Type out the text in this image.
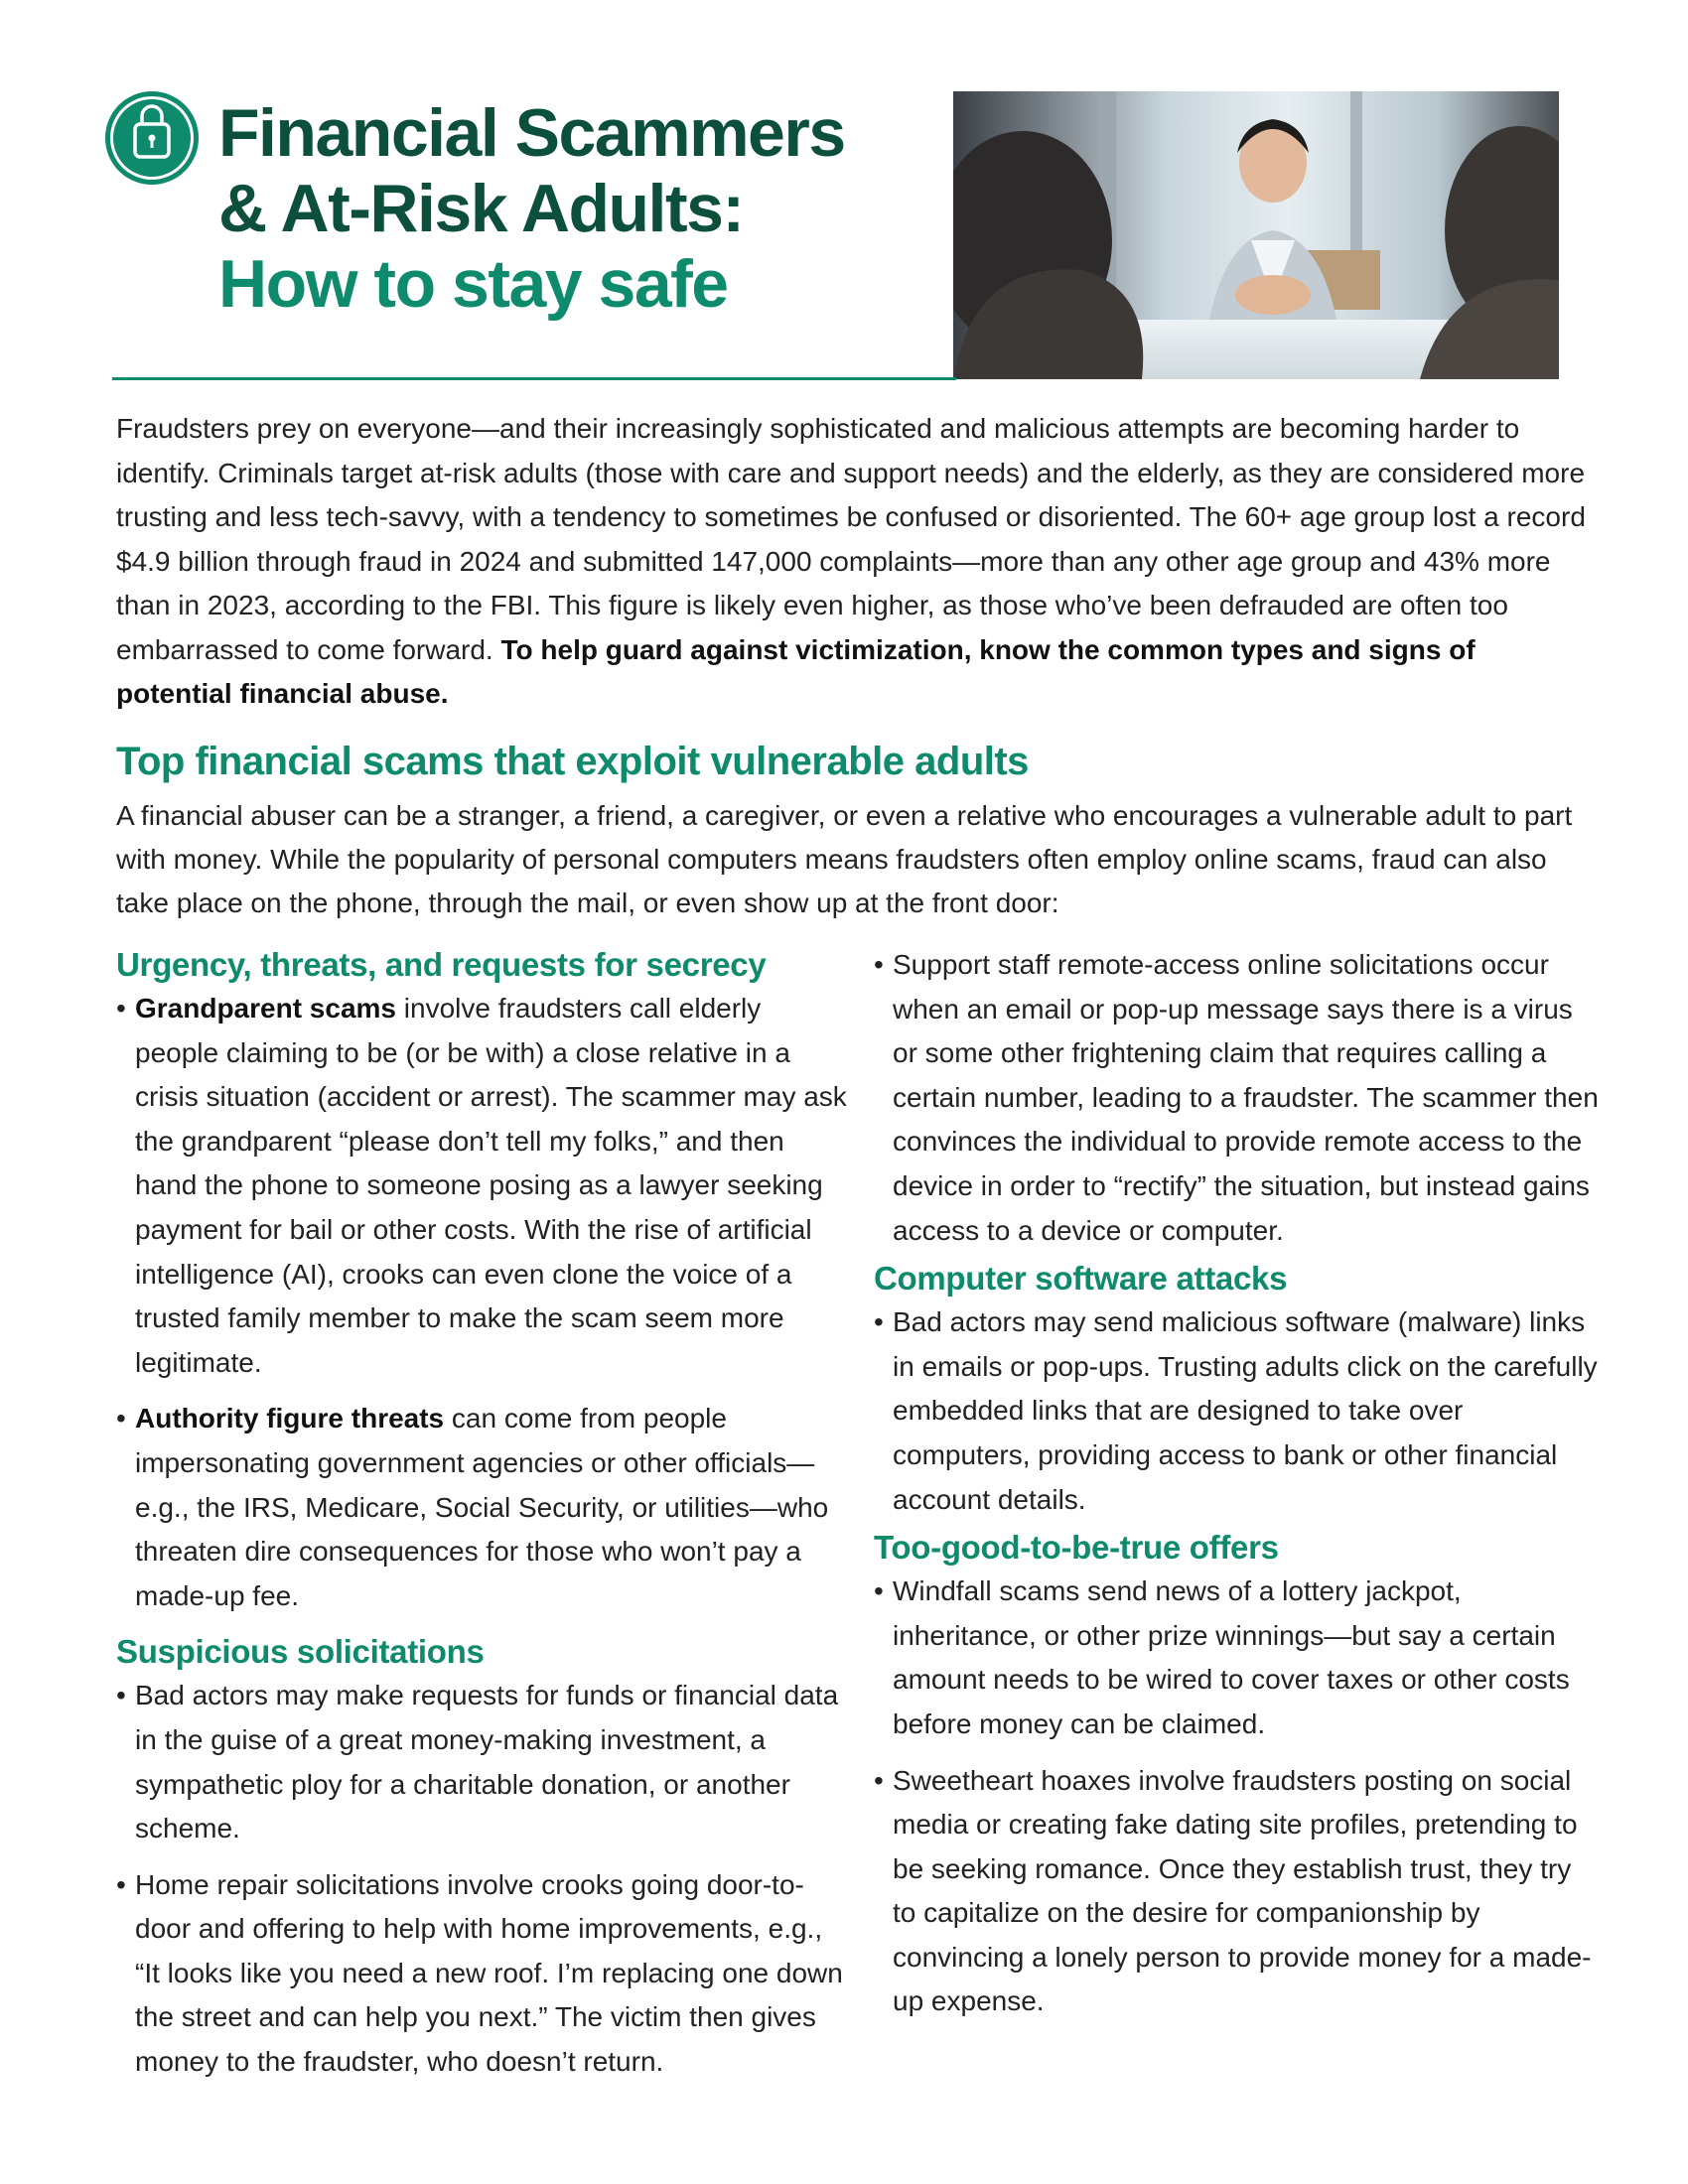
Financial Scammers
& At-Risk Adults:
How to stay safe

Fraudsters prey on everyone—and their increasingly sophisticated and malicious attempts are becoming harder to identify. Criminals target at-risk adults (those with care and support needs) and the elderly, as they are considered more trusting and less tech-savvy, with a tendency to sometimes be confused or disoriented. The 60+ age group lost a record $4.9 billion through fraud in 2024 and submitted 147,000 complaints—more than any other age group and 43% more than in 2023, according to the FBI. This figure is likely even higher, as those who’ve been defrauded are often too embarrassed to come forward. To help guard against victimization, know the common types and signs of potential financial abuse.

Top financial scams that exploit vulnerable adults

A financial abuser can be a stranger, a friend, a caregiver, or even a relative who encourages a vulnerable adult to part with money. While the popularity of personal computers means fraudsters often employ online scams, fraud can also take place on the phone, through the mail, or even show up at the front door:

Urgency, threats, and requests for secrecy

• Grandparent scams involve fraudsters call elderly people claiming to be (or be with) a close relative in a crisis situation (accident or arrest). The scammer may ask the grandparent “please don’t tell my folks,” and then hand the phone to someone posing as a lawyer seeking payment for bail or other costs. With the rise of artificial intelligence (AI), crooks can even clone the voice of a trusted family member to make the scam seem more legitimate.

• Authority figure threats can come from people impersonating government agencies or other officials—e.g., the IRS, Medicare, Social Security, or utilities—who threaten dire consequences for those who won’t pay a made-up fee.

Suspicious solicitations

• Bad actors may make requests for funds or financial data in the guise of a great money-making investment, a sympathetic ploy for a charitable donation, or another scheme.

• Home repair solicitations involve crooks going door-to-door and offering to help with home improvements, e.g., “It looks like you need a new roof. I’m replacing one down the street and can help you next.” The victim then gives money to the fraudster, who doesn’t return.

• Support staff remote-access online solicitations occur when an email or pop-up message says there is a virus or some other frightening claim that requires calling a certain number, leading to a fraudster. The scammer then convinces the individual to provide remote access to the device in order to “rectify” the situation, but instead gains access to a device or computer.

Computer software attacks

• Bad actors may send malicious software (malware) links in emails or pop-ups. Trusting adults click on the carefully embedded links that are designed to take over computers, providing access to bank or other financial account details.

Too-good-to-be-true offers

• Windfall scams send news of a lottery jackpot, inheritance, or other prize winnings—but say a certain amount needs to be wired to cover taxes or other costs before money can be claimed.

• Sweetheart hoaxes involve fraudsters posting on social media or creating fake dating site profiles, pretending to be seeking romance. Once they establish trust, they try to capitalize on the desire for companionship by convincing a lonely person to provide money for a made-up expense.
